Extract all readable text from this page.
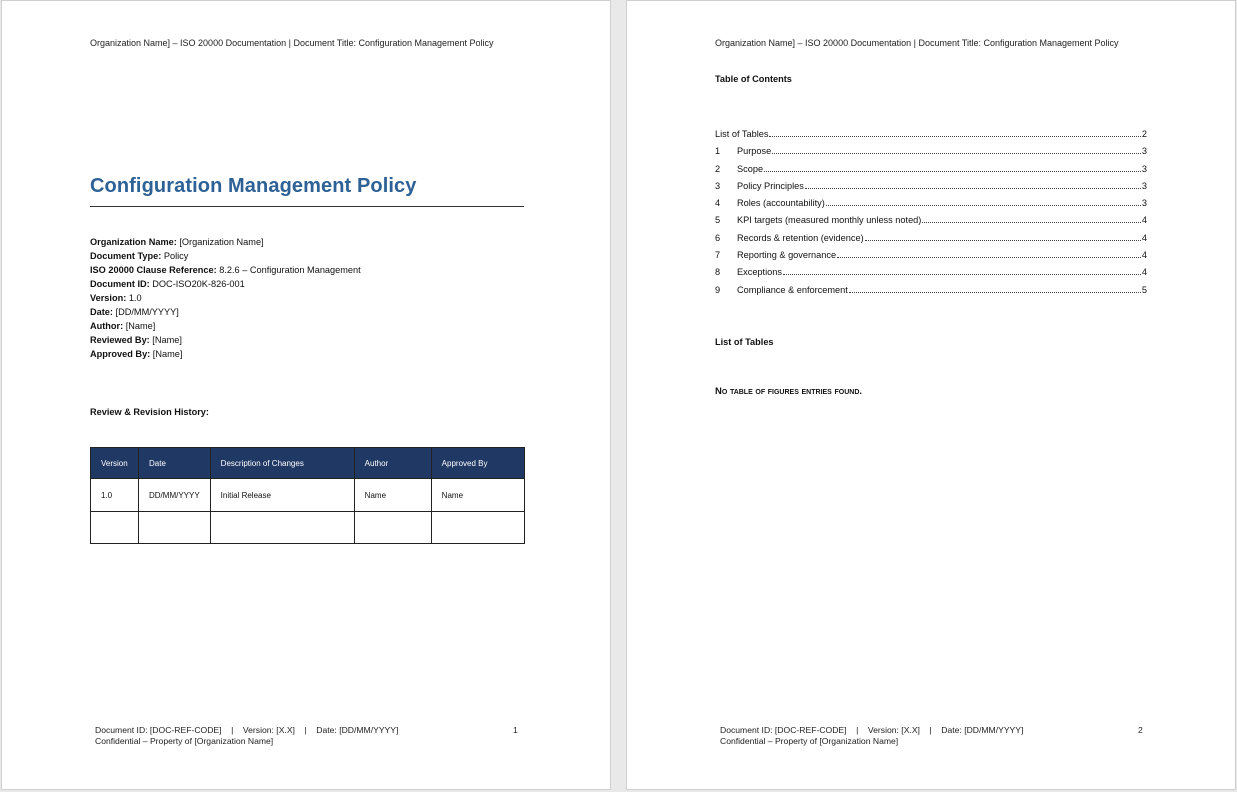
Organization Name] – ISO 20000 Documentation | Document Title: Configuration Management Policy
Configuration Management Policy
Organization Name: [Organization Name]
Document Type: Policy
ISO 20000 Clause Reference: 8.2.6 – Configuration Management
Document ID: DOC-ISO20K-826-001
Version: 1.0
Date: [DD/MM/YYYY]
Author: [Name]
Reviewed By: [Name]
Approved By: [Name]
Review & Revision History:
Version	Date	Description of Changes	Author	Approved By
1.0	DD/MM/YYYY	Initial Release	Name	Name

Document ID: [DOC-REF-CODE]    |    Version: [X.X]    |    Date: [DD/MM/YYYY]
Confidential – Property of [Organization Name]
1
Organization Name] – ISO 20000 Documentation | Document Title: Configuration Management Policy
Table of Contents
List of Tables	2
1	Purpose	3
2	Scope	3
3	Policy Principles	3
4	Roles (accountability)	3
5	KPI targets (measured monthly unless noted)	4
6	Records & retention (evidence)	4
7	Reporting & governance	4
8	Exceptions	4
9	Compliance & enforcement	5
List of Tables
No table of figures entries found.
Document ID: [DOC-REF-CODE]    |    Version: [X.X]    |    Date: [DD/MM/YYYY]
Confidential – Property of [Organization Name]
2
